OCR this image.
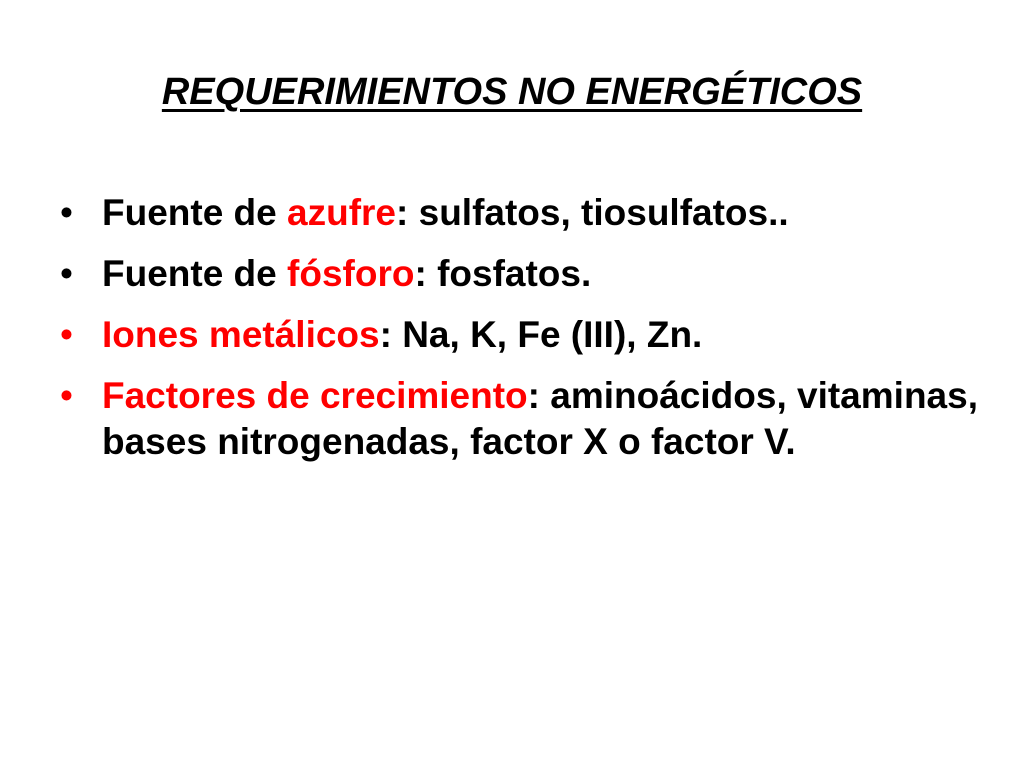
REQUERIMIENTOS NO ENERGÉTICOS
• Fuente de azufre: sulfatos, tiosulfatos..
• Fuente de fósforo: fosfatos.
• Iones metálicos: Na, K, Fe (III), Zn.
• Factores de crecimiento: aminoácidos, vitaminas, bases nitrogenadas, factor X o factor V.
